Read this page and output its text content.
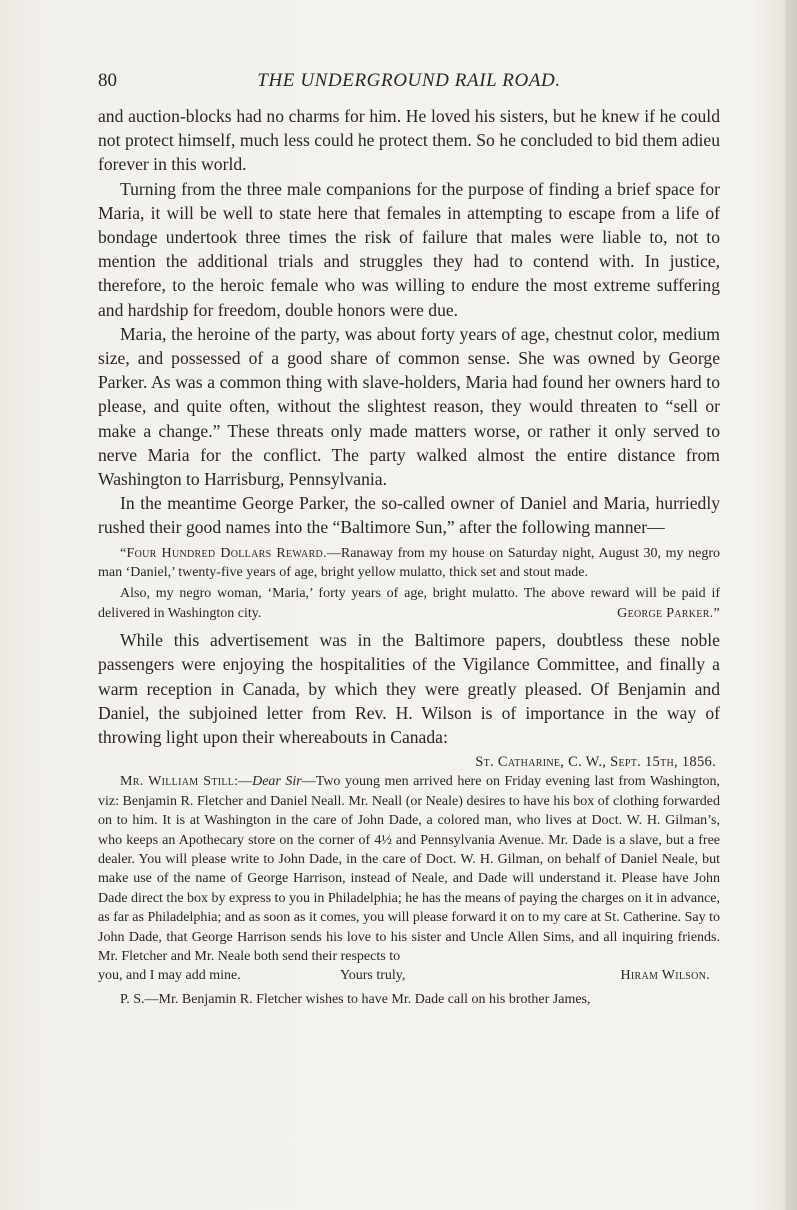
80	THE UNDERGROUND RAIL ROAD.

and auction-blocks had no charms for him. He loved his sisters, but he knew if he could not protect himself, much less could he protect them. So he concluded to bid them adieu forever in this world.

Turning from the three male companions for the purpose of finding a brief space for Maria, it will be well to state here that females in attempting to escape from a life of bondage undertook three times the risk of failure that males were liable to, not to mention the additional trials and struggles they had to contend with. In justice, therefore, to the heroic female who was willing to endure the most extreme suffering and hardship for freedom, double honors were due.

Maria, the heroine of the party, was about forty years of age, chestnut color, medium size, and possessed of a good share of common sense. She was owned by George Parker. As was a common thing with slave-holders, Maria had found her owners hard to please, and quite often, without the slightest reason, they would threaten to “sell or make a change.” These threats only made matters worse, or rather it only served to nerve Maria for the conflict. The party walked almost the entire distance from Washington to Harrisburg, Pennsylvania.

In the meantime George Parker, the so-called owner of Daniel and Maria, hurriedly rushed their good names into the “Baltimore Sun,” after the following manner—

“Four Hundred Dollars Reward.—Ranaway from my house on Saturday night, August 30, my negro man ‘Daniel,’ twenty-five years of age, bright yellow mulatto, thick set and stout made.

Also, my negro woman, ‘Maria,’ forty years of age, bright mulatto. The above reward will be paid if delivered in Washington city.	George Parker.”

While this advertisement was in the Baltimore papers, doubtless these noble passengers were enjoying the hospitalities of the Vigilance Committee, and finally a warm reception in Canada, by which they were greatly pleased. Of Benjamin and Daniel, the subjoined letter from Rev. H. Wilson is of importance in the way of throwing light upon their whereabouts in Canada:

St. Catharine, C. W., Sept. 15th, 1856.

Mr. William Still:—Dear Sir—Two young men arrived here on Friday evening last from Washington, viz: Benjamin R. Fletcher and Daniel Neall. Mr. Neall (or Neale) desires to have his box of clothing forwarded on to him. It is at Washington in the care of John Dade, a colored man, who lives at Doct. W. H. Gilman’s, who keeps an Apothecary store on the corner of 4½ and Pennsylvania Avenue. Mr. Dade is a slave, but a free dealer. You will please write to John Dade, in the care of Doct. W. H. Gilman, on behalf of Daniel Neale, but make use of the name of George Harrison, instead of Neale, and Dade will understand it. Please have John Dade direct the box by express to you in Philadelphia; he has the means of paying the charges on it in advance, as far as Philadelphia; and as soon as it comes, you will please forward it on to my care at St. Catherine. Say to John Dade, that George Harrison sends his love to his sister and Uncle Allen Sims, and all inquiring friends. Mr. Fletcher and Mr. Neale both send their respects to

you, and I may add mine.	Yours truly,	Hiram Wilson.

P. S.—Mr. Benjamin R. Fletcher wishes to have Mr. Dade call on his brother James,
